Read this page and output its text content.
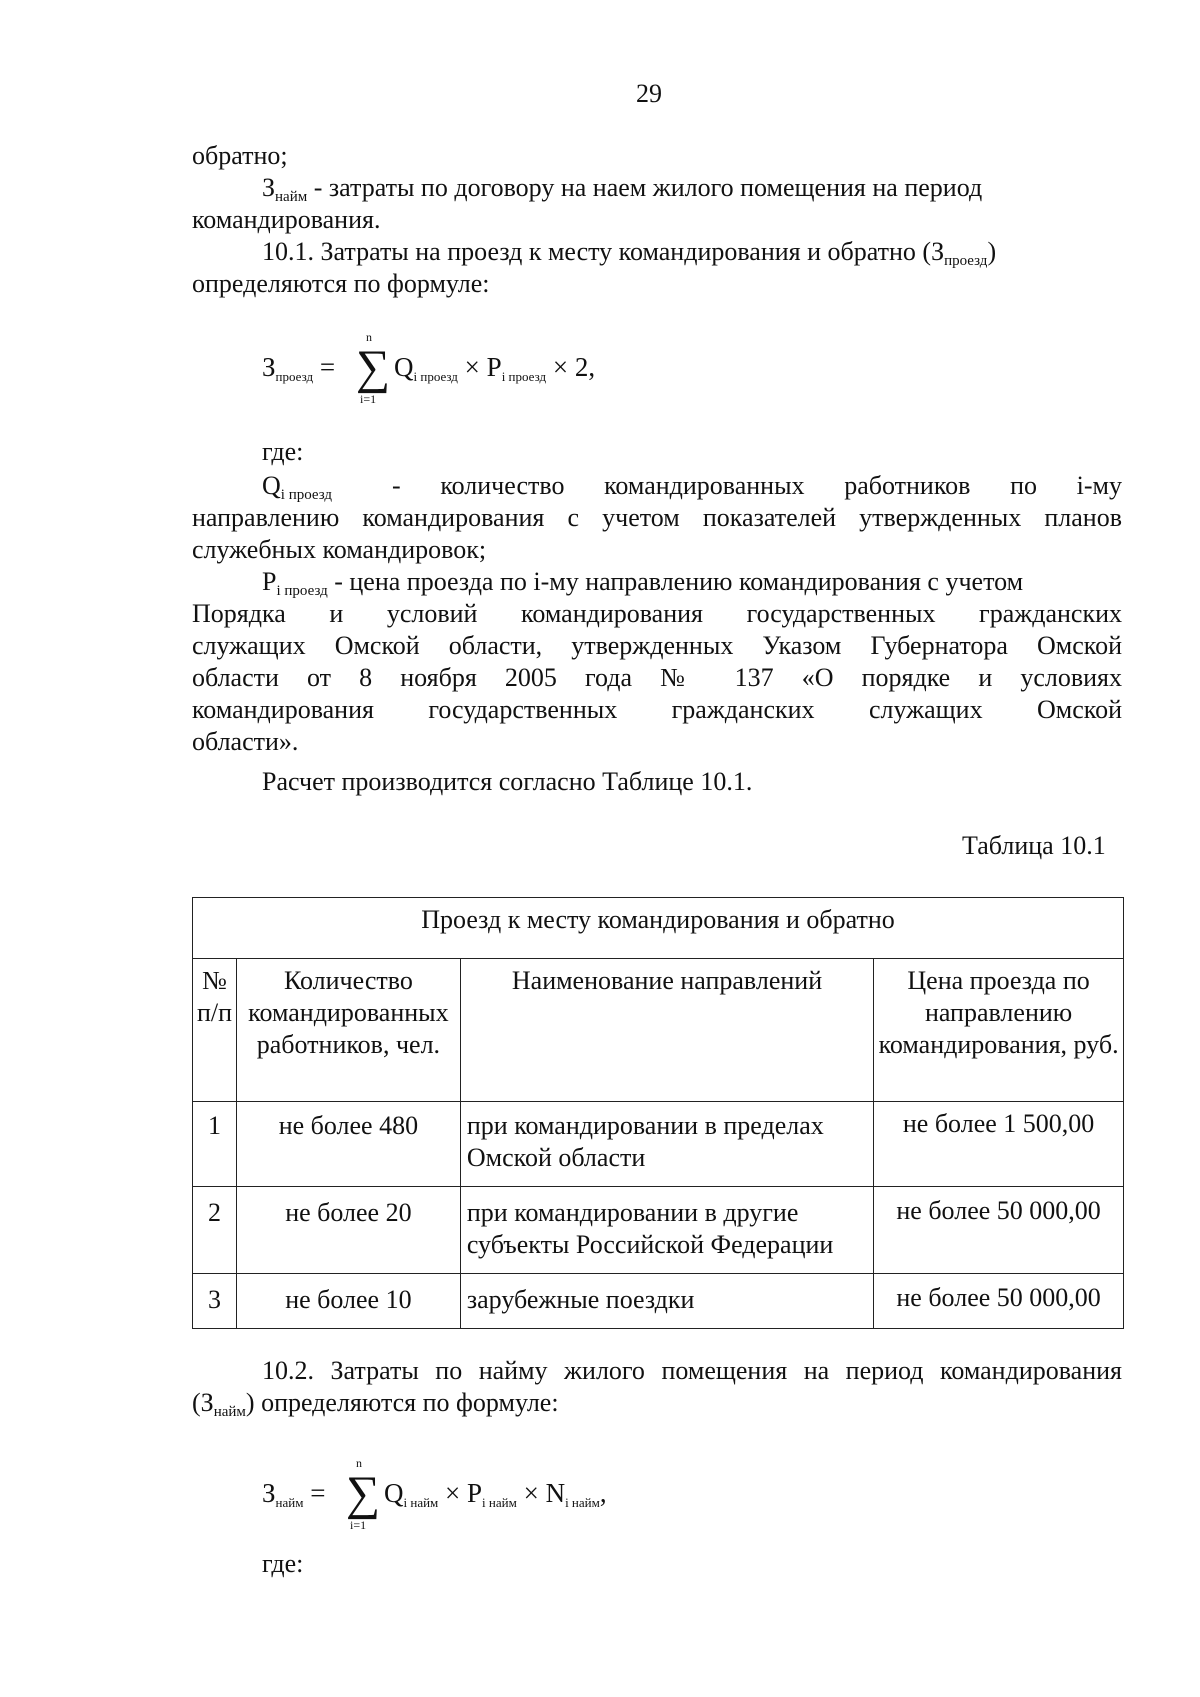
29
обратно;
Знайм - затраты по договору на наем жилого помещения на период
командирования.
10.1. Затраты на проезд к месту командирования и обратно (Зпроезд)
определяются по формуле:
Зпроезд =
n
∑
i=1
Qi проезд × Pi проезд × 2,
где:
Qi проезд - количество командированных работников по i-му
направлению командирования с учетом показателей утвержденных планов
служебных командировок;
Pi проезд - цена проезда по i-му направлению командирования с учетом
Порядка и условий командирования государственных гражданских
служащих Омской области, утвержденных Указом Губернатора Омской
области от 8 ноября 2005 года № 137 «О порядке и условиях
командирования государственных гражданских служащих Омской
области».
Расчет производится согласно Таблице 10.1.
Таблица 10.1
Проезд к месту командирования и обратно			
№ п/п	Количество командированных работников, чел.	Наименование направлений	Цена проезда по направлению командирования, руб.
1	не более 480	при командировании в пределах Омской области	не более 1 500,00
2	не более 20	при командировании в другие субъекты Российской Федерации	не более 50 000,00
3	не более 10	зарубежные поездки	не более 50 000,00
10.2. Затраты по найму жилого помещения на период командирования
(Знайм) определяются по формуле:
Знайм =
n
∑
i=1
Qi найм × Pi найм × Ni найм,
где:
